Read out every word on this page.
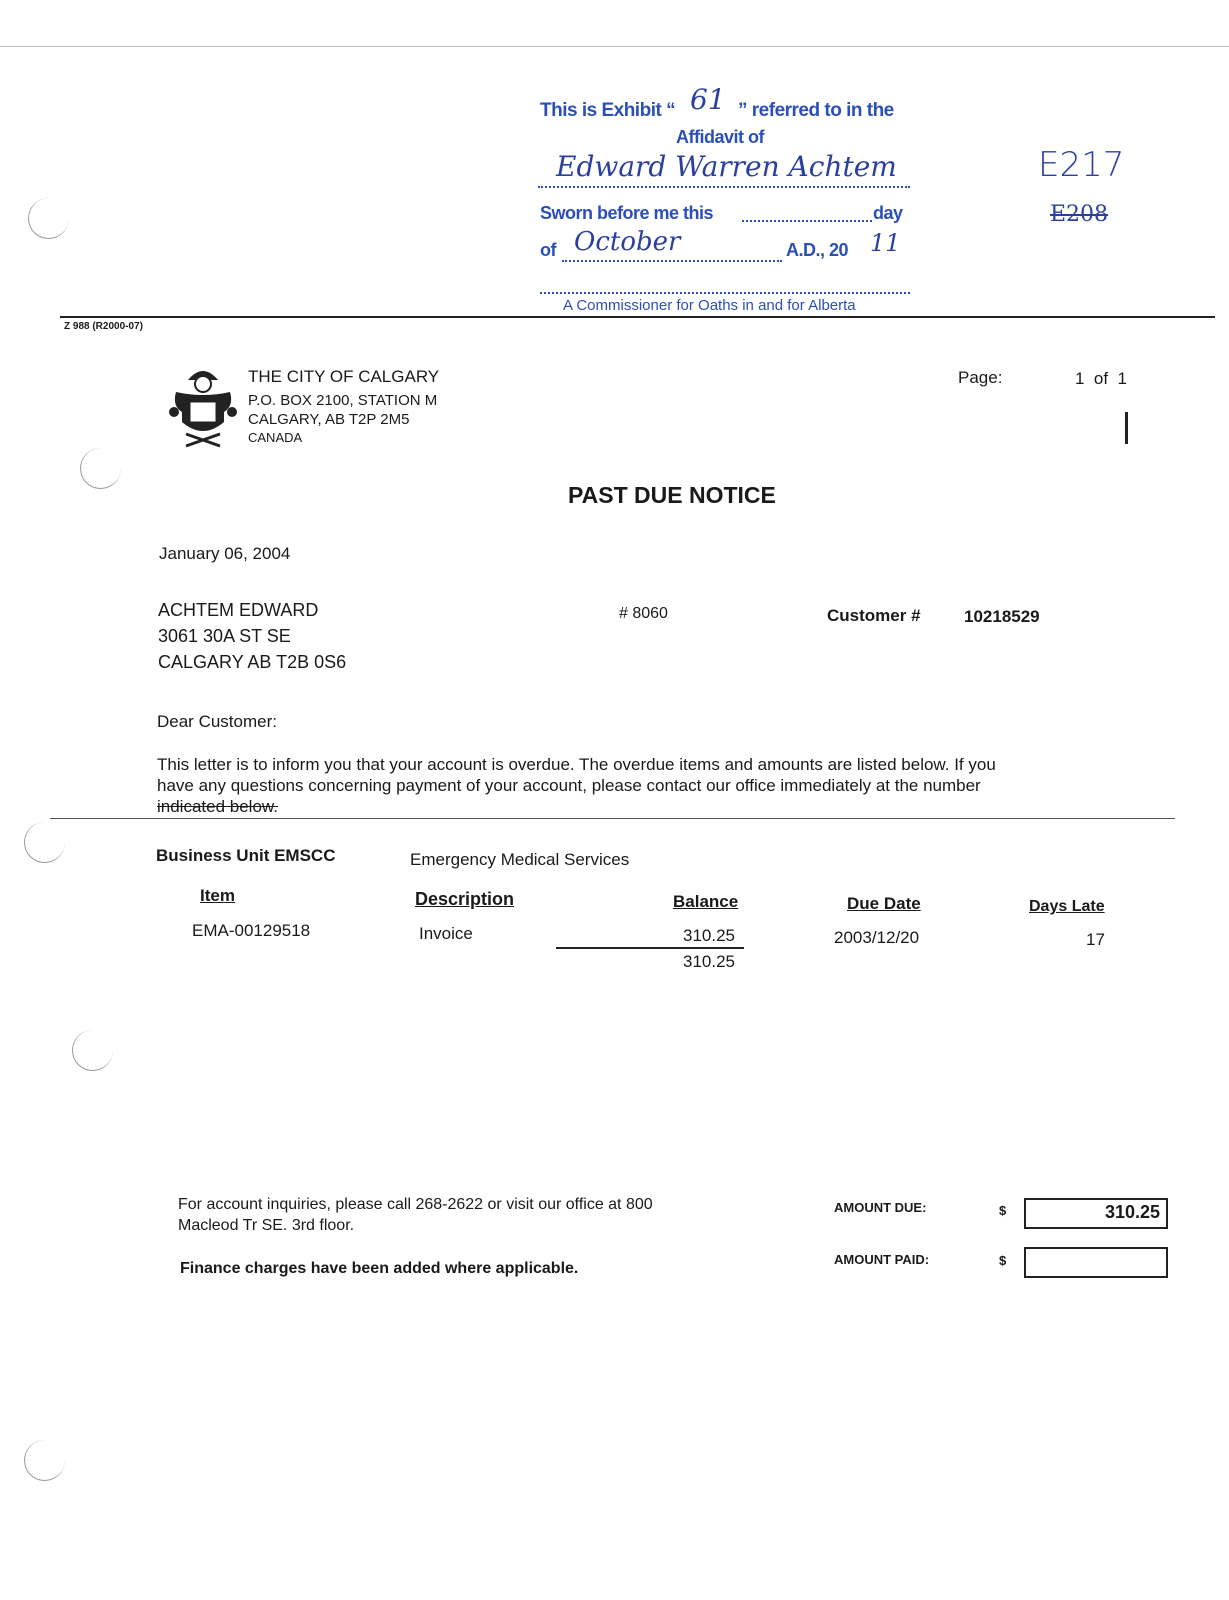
This is Exhibit “ 61 ” referred to in the
Affidavit of
Edward Warren Achtem
Sworn before me this	day
of October	A.D., 20 11
A Commissioner for Oaths in and for Alberta
E217
E208
Z 988 (R2000-07)
THE CITY OF CALGARY
P.O. BOX 2100, STATION M
CALGARY, AB T2P 2M5
CANADA
Page:	1  of  1
PAST DUE NOTICE
January 06, 2004
ACHTEM EDWARD
3061 30A ST SE
CALGARY AB T2B 0S6
# 8060	Customer #	10218529
Dear Customer:
This letter is to inform you that your account is overdue. The overdue items and amounts are listed below. If you
have any questions concerning payment of your account, please contact our office immediately at the number
indicated below.
Business Unit EMSCC	Emergency Medical Services
Item	Description	Balance	Due Date	Days Late
EMA-00129518	Invoice	310.25	2003/12/20	17
310.25
For account inquiries, please call 268-2622 or visit our office at 800
Macleod Tr SE. 3rd floor.
Finance charges have been added where applicable.
AMOUNT DUE:	$	310.25
AMOUNT PAID:	$
